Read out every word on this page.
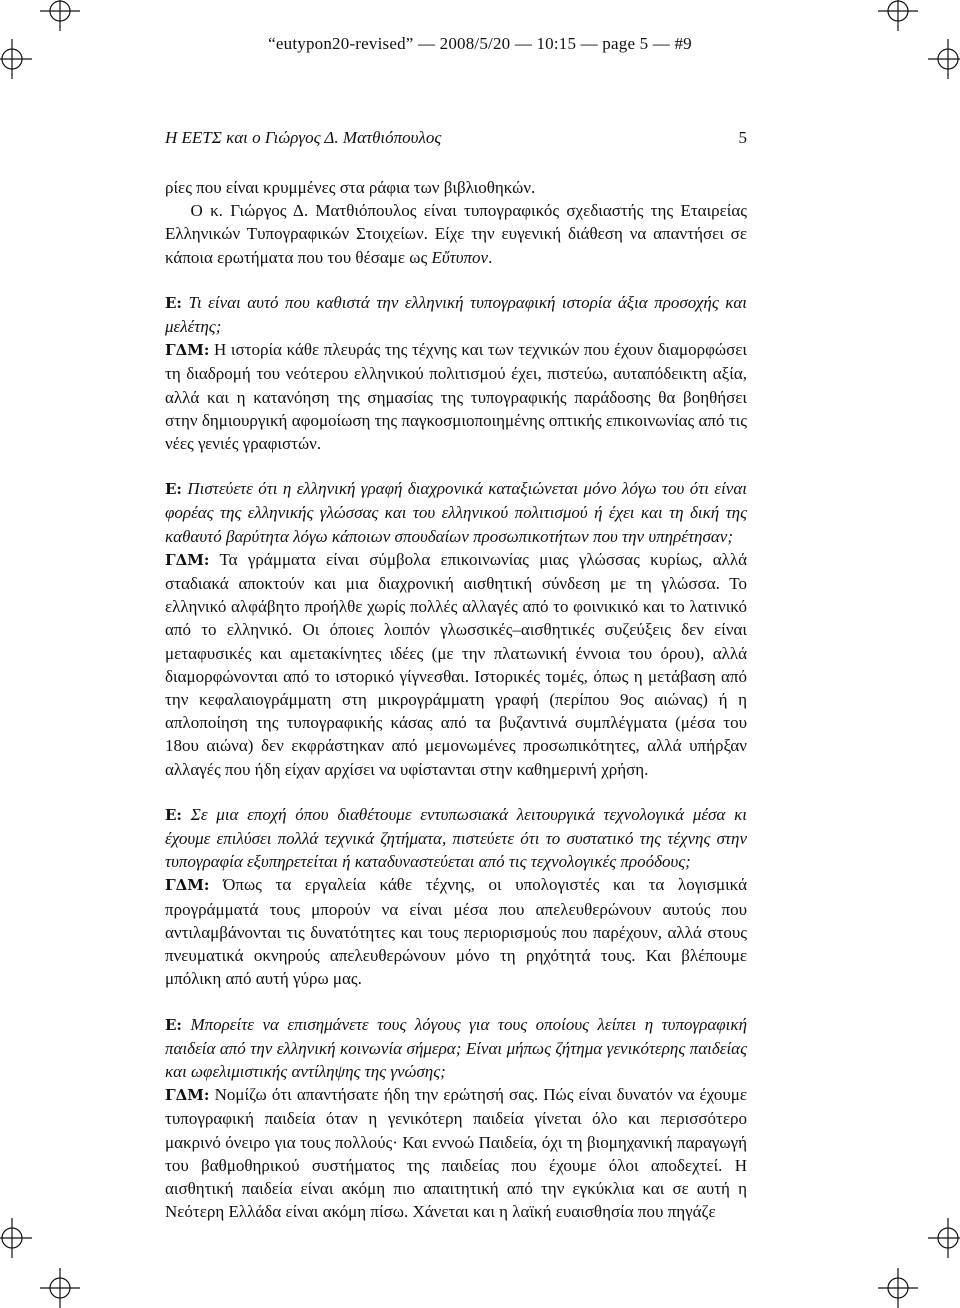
“eutypon20-revised” — 2008/5/20 — 10:15 — page 5 — #9
Η ΕΕΤΣ και ο Γιώργος Δ. Ματθιόπουλος	5

ρίες που είναι κρυμμένες στα ράφια των βιβλιοθηκών.

Ο κ. Γιώργος Δ. Ματθιόπουλος είναι τυπογραφικός σχεδιαστής της Εταιρείας Ελληνικών Τυπογραφικών Στοιχείων. Είχε την ευγενική διάθεση να απαντήσει σε κάποια ερωτήματα που του θέσαμε ως Εὔτυπον.

Ε: Τι είναι αυτό που καθιστά την ελληνική τυπογραφική ιστορία άξια προσοχής και μελέτης;

ΓΔΜ: Η ιστορία κάθε πλευράς της τέχνης και των τεχνικών που έχουν διαμορφώσει τη διαδρομή του νεότερου ελληνικού πολιτισμού έχει, πιστεύω, αυταπόδεικτη αξία, αλλά και η κατανόηση της σημασίας της τυπογραφικής παράδοσης θα βοηθήσει στην δημιουργική αφομοίωση της παγκοσμιοποιημένης οπτικής επικοινωνίας από τις νέες γενιές γραφιστών.

Ε: Πιστεύετε ότι η ελληνική γραφή διαχρονικά καταξιώνεται μόνο λόγω του ότι είναι φορέας της ελληνικής γλώσσας και του ελληνικού πολιτισμού ή έχει και τη δική της καθαυτό βαρύτητα λόγω κάποιων σπουδαίων προσωπικοτήτων που την υπηρέτησαν;

ΓΔΜ: Τα γράμματα είναι σύμβολα επικοινωνίας μιας γλώσσας κυρίως, αλλά σταδιακά αποκτούν και μια διαχρονική αισθητική σύνδεση με τη γλώσσα. Το ελληνικό αλφάβητο προήλθε χωρίς πολλές αλλαγές από το φοινικικό και το λατινικό από το ελληνικό. Οι όποιες λοιπόν γλωσσικές–αισθητικές συζεύξεις δεν είναι μεταφυσικές και αμετακίνητες ιδέες (με την πλατωνική έννοια του όρου), αλλά διαμορφώνονται από το ιστορικό γίγνεσθαι. Ιστορικές τομές, όπως η μετάβαση από την κεφαλαιογράμματη στη μικρογράμματη γραφή (περίπου 9ος αιώνας) ή η απλοποίηση της τυπογραφικής κάσας από τα βυζαντινά συμπλέγματα (μέσα του 18ου αιώνα) δεν εκφράστηκαν από μεμονωμένες προσωπικότητες, αλλά υπήρξαν αλλαγές που ήδη είχαν αρχίσει να υφίστανται στην καθημερινή χρήση.

Ε: Σε μια εποχή όπου διαθέτουμε εντυπωσιακά λειτουργικά τεχνολογικά μέσα κι έχουμε επιλύσει πολλά τεχνικά ζητήματα, πιστεύετε ότι το συστατικό της τέχνης στην τυπογραφία εξυπηρετείται ή καταδυναστεύεται από τις τεχνολογικές προόδους;

ΓΔΜ: Όπως τα εργαλεία κάθε τέχνης, οι υπολογιστές και τα λογισμικά προγράμματά τους μπορούν να είναι μέσα που απελευθερώνουν αυτούς που αντιλαμβάνονται τις δυνατότητες και τους περιορισμούς που παρέχουν, αλλά στους πνευματικά οκνηρούς απελευθερώνουν μόνο τη ρηχότητά τους. Και βλέπουμε μπόλικη από αυτή γύρω μας.

Ε: Μπορείτε να επισημάνετε τους λόγους για τους οποίους λείπει η τυπογραφική παιδεία από την ελληνική κοινωνία σήμερα; Είναι μήπως ζήτημα γενικότερης παιδείας και ωφελιμιστικής αντίληψης της γνώσης;

ΓΔΜ: Νομίζω ότι απαντήσατε ήδη την ερώτησή σας. Πώς είναι δυνατόν να έχουμε τυπογραφική παιδεία όταν η γενικότερη παιδεία γίνεται όλο και περισσότερο μακρινό όνειρο για τους πολλούς· Και εννοώ Παιδεία, όχι τη βιομηχανική παραγωγή του βαθμοθηρικού συστήματος της παιδείας που έχουμε όλοι αποδεχτεί. Η αισθητική παιδεία είναι ακόμη πιο απαιτητική από την εγκύκλια και σε αυτή η Νεότερη Ελλάδα είναι ακόμη πίσω. Χάνεται και η λαϊκή ευαισθησία που πηγάζε
